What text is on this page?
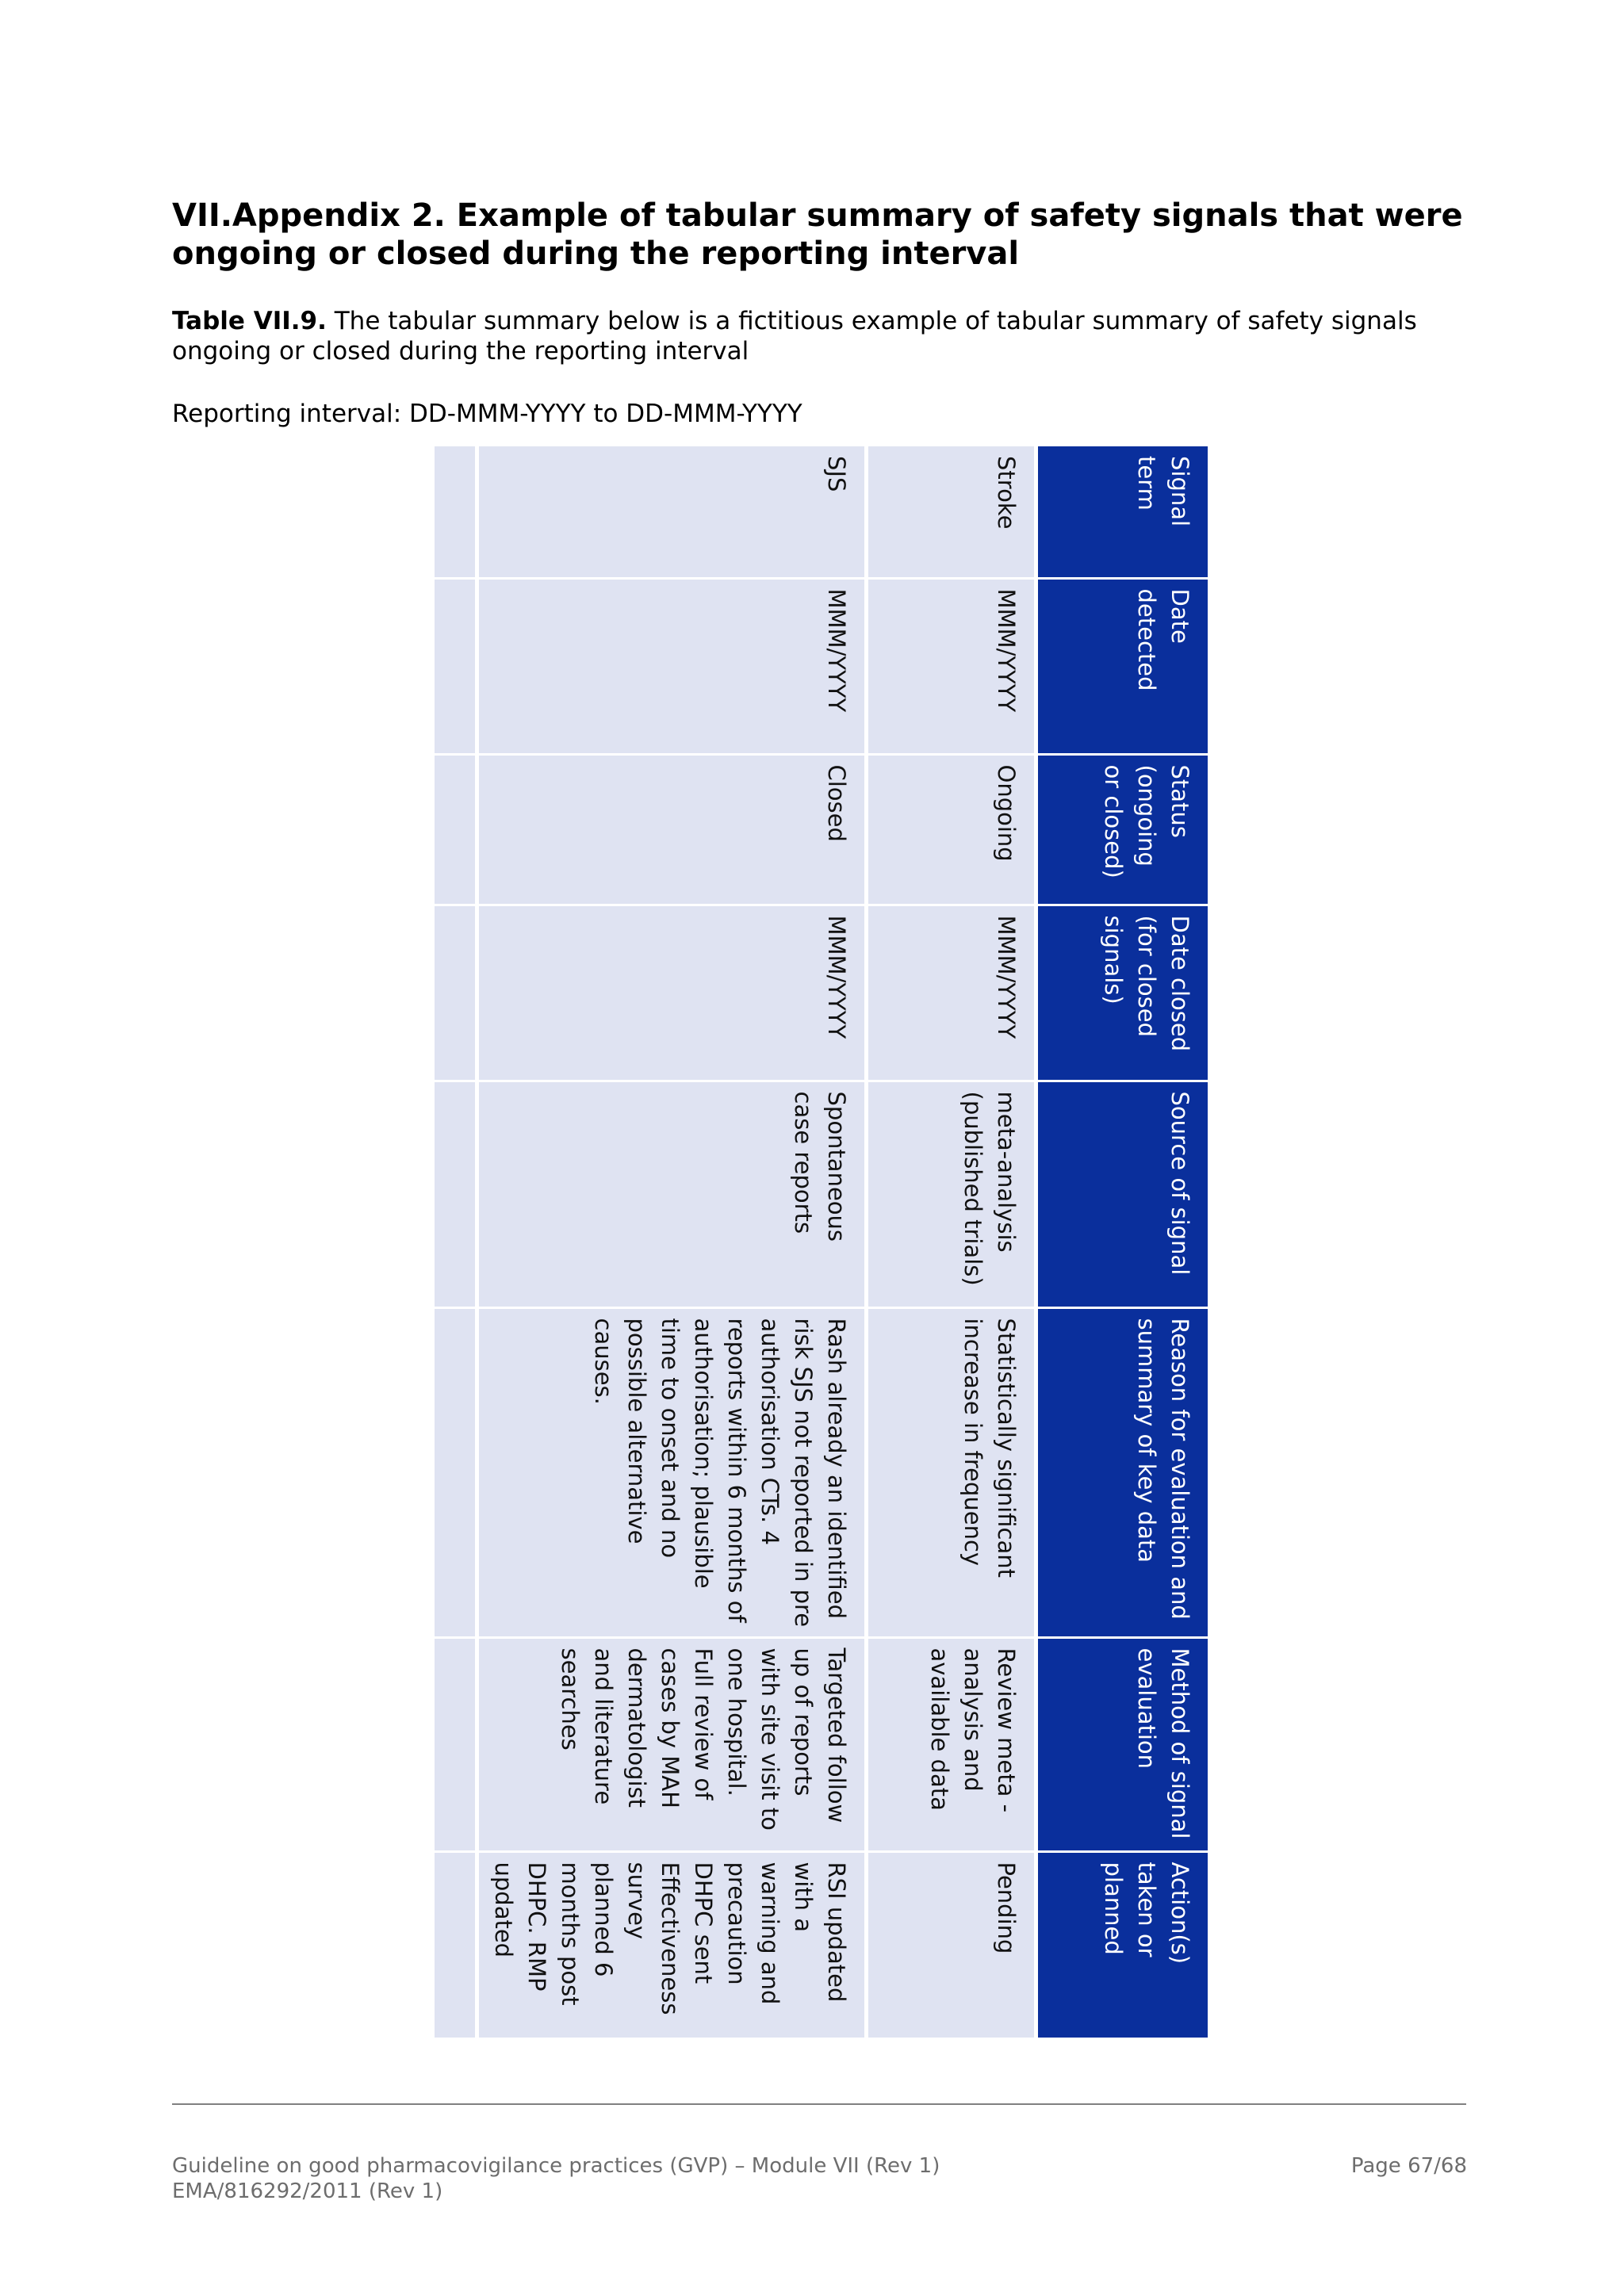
VII.Appendix 2. Example of tabular summary of safety signals that were ongoing or closed during the reporting interval
Table VII.9. The tabular summary below is a fictitious example of tabular summary of safety signals ongoing or closed during the reporting interval
Reporting interval: DD-MMM-YYYY to DD-MMM-YYYY
Signal term	Date detected	Status (ongoing or closed)	Date closed (for closed signals)	Source of signal	Reason for evaluation and summary of key data	Method of signal evaluation	Action(s) taken or planned
Stroke	MMM/YYYY	Ongoing	MMM/YYYY	meta-analysis (published trials)	Statistically significant increase in frequency	Review meta -analysis and available data	Pending
SJS	MMM/YYYY	Closed	MMM/YYYY	Spontaneous case reports	Rash already an identified risk SJS not reported in pre authorisation CTs. 4 reports within 6 months of authorisation; plausible time to onset and no possible alternative causes.	Targeted follow up of reports with site visit to one hospital. Full review of cases by MAH dermatologist and literature searches	RSI updated with a warning and precaution DHPC sent Effectiveness survey planned 6 months post DHPC. RMP updated

Guideline on good pharmacovigilance practices (GVP) – Module VII (Rev 1)
EMA/816292/2011 (Rev 1)
Page 67/68
